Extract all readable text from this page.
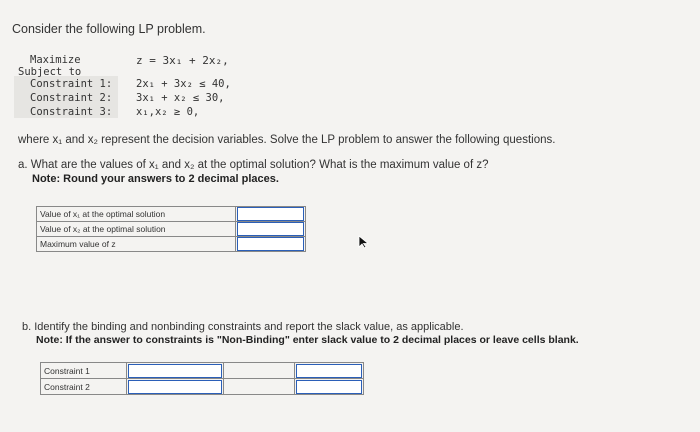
Consider the following LP problem.
Maximize	z = 3x₁ + 2x₂,
Subject to
Constraint 1: 2x₁ + 3x₂ ≤ 40,
Constraint 2: 3x₁ + x₂ ≤ 30,
Constraint 3: x₁,x₂ ≥ 0,
where x₁ and x₂ represent the decision variables. Solve the LP problem to answer the following questions.
a. What are the values of x₁ and x₂ at the optimal solution? What is the maximum value of z?
Note: Round your answers to 2 decimal places.
Value of x₁ at the optimal solution	

Value of x₂ at the optimal solution	

Maximum value of z	
b. Identify the binding and nonbinding constraints and report the slack value, as applicable.
Note: If the answer to constraints is "Non-Binding" enter slack value to 2 decimal places or leave cells blank.
Constraint 1	

Constraint 2	
